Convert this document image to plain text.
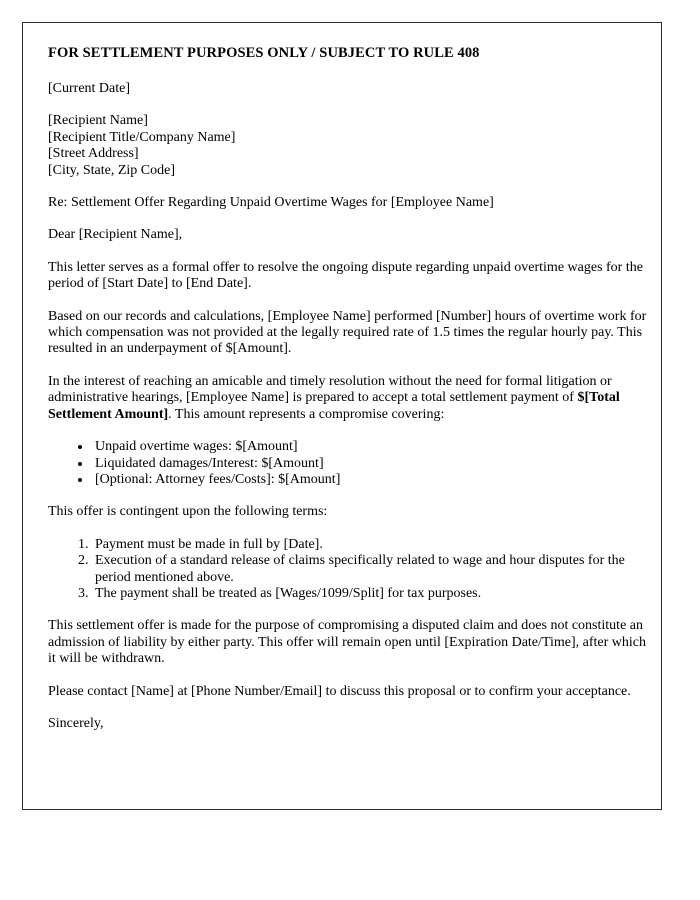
FOR SETTLEMENT PURPOSES ONLY / SUBJECT TO RULE 408
[Current Date]
[Recipient Name]
[Recipient Title/Company Name]
[Street Address]
[City, State, Zip Code]
Re: Settlement Offer Regarding Unpaid Overtime Wages for [Employee Name]
Dear [Recipient Name],
This letter serves as a formal offer to resolve the ongoing dispute regarding unpaid overtime wages for the period of [Start Date] to [End Date].
Based on our records and calculations, [Employee Name] performed [Number] hours of overtime work for which compensation was not provided at the legally required rate of 1.5 times the regular hourly pay. This resulted in an underpayment of $[Amount].
In the interest of reaching an amicable and timely resolution without the need for formal litigation or administrative hearings, [Employee Name] is prepared to accept a total settlement payment of $[Total Settlement Amount]. This amount represents a compromise covering:
• Unpaid overtime wages: $[Amount]
• Liquidated damages/Interest: $[Amount]
• [Optional: Attorney fees/Costs]: $[Amount]
This offer is contingent upon the following terms:
1. Payment must be made in full by [Date].
2. Execution of a standard release of claims specifically related to wage and hour disputes for the period mentioned above.
3. The payment shall be treated as [Wages/1099/Split] for tax purposes.
This settlement offer is made for the purpose of compromising a disputed claim and does not constitute an admission of liability by either party. This offer will remain open until [Expiration Date/Time], after which it will be withdrawn.
Please contact [Name] at [Phone Number/Email] to discuss this proposal or to confirm your acceptance.
Sincerely,
